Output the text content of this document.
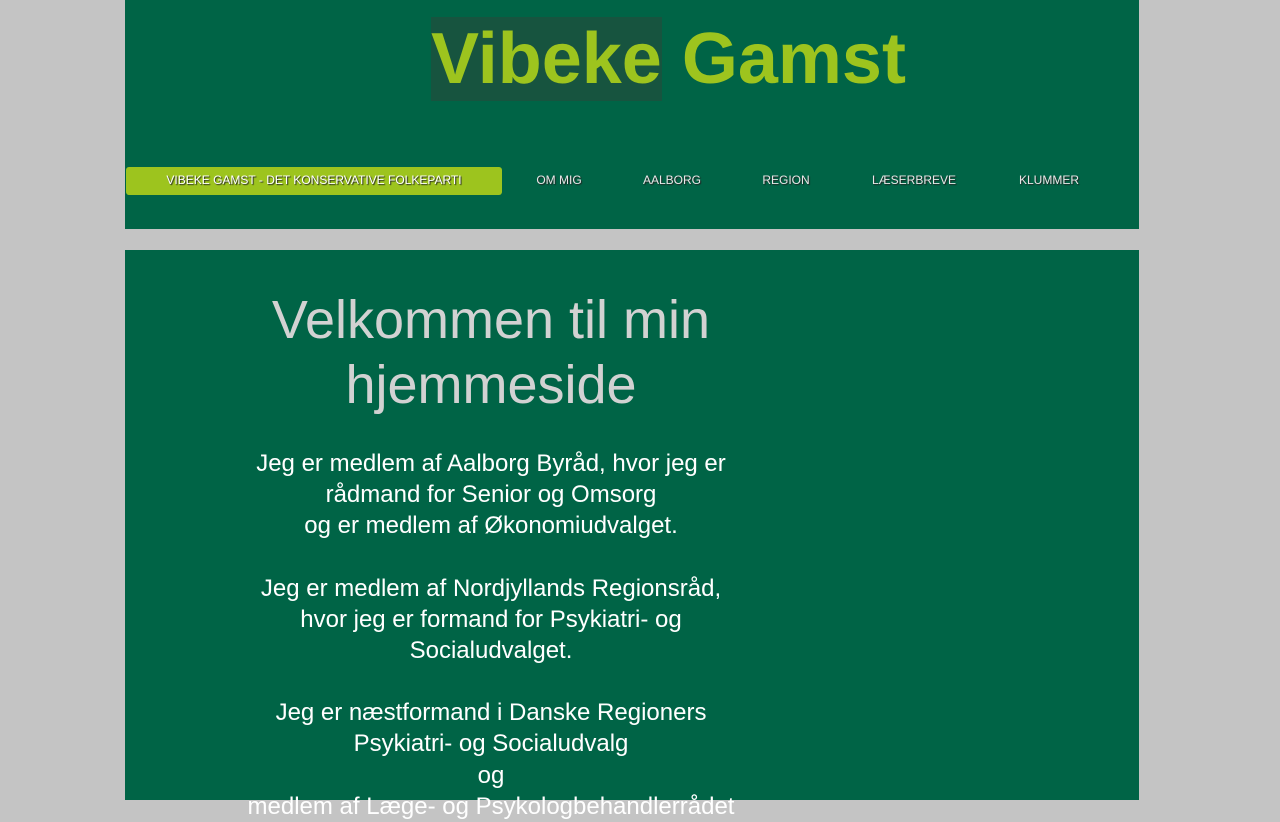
Vibeke Gamst
VIBEKE GAMST - DET KONSERVATIVE FOLKEPARTI	OM MIG	AALBORG	REGION	LÆSERBREVE	KLUMMER
Velkommen til min
hjemmeside

Jeg er medlem af Aalborg Byråd, hvor jeg er
rådmand for Senior og Omsorg
og er medlem af Økonomiudvalget.

Jeg er medlem af Nordjyllands Regionsråd,
hvor jeg er formand for Psykiatri- og
Socialudvalget.

Jeg er næstformand i Danske Regioners
Psykiatri- og Socialudvalg
og
medlem af Læge- og Psykologbehandlerrådet
